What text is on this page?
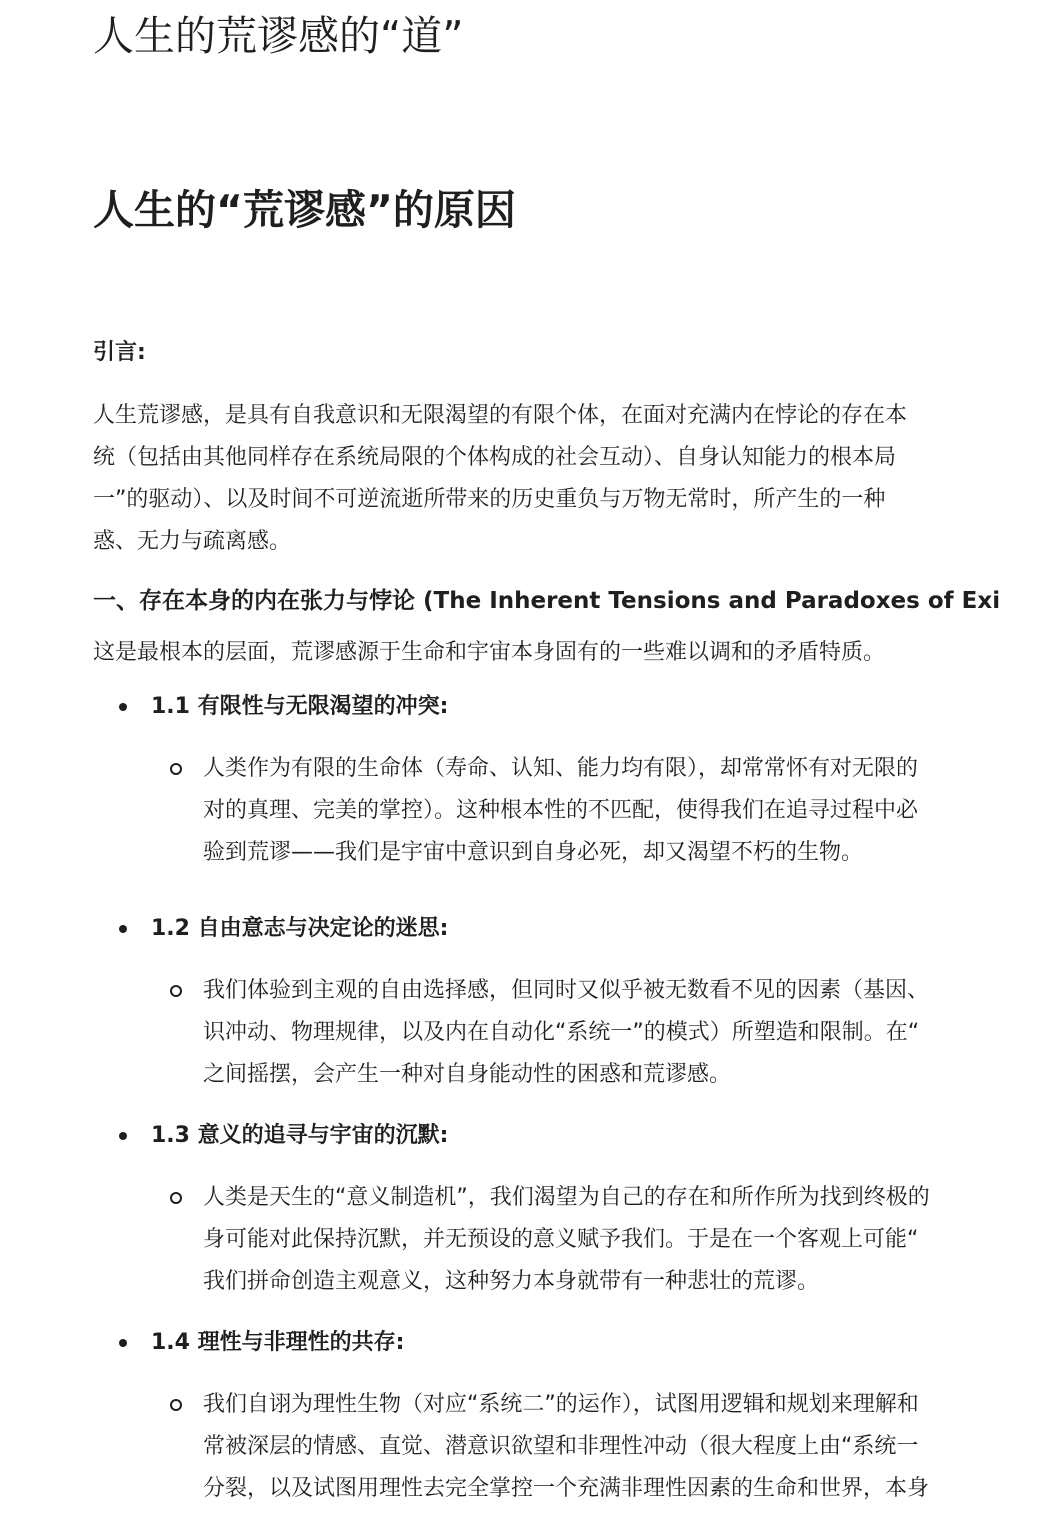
人生的荒谬感的“道”
人生的“荒谬感”的原因

引言:

人生荒谬感，是具有自我意识和无限渴望的有限个体，在面对充满内在悖论的存在本
统（包括由其他同样存在系统局限的个体构成的社会互动）、自身认知能力的根本局
一”的驱动）、以及时间不可逆流逝所带来的历史重负与万物无常时，所产生的一种
惑、无力与疏离感。

一、存在本身的内在张力与悖论 (The Inherent Tensions and Paradoxes of Exi

这是最根本的层面，荒谬感源于生命和宇宙本身固有的一些难以调和的矛盾特质。

1.1 有限性与无限渴望的冲突:
人类作为有限的生命体（寿命、认知、能力均有限），却常常怀有对无限的
对的真理、完美的掌控）。这种根本性的不匹配，使得我们在追寻过程中必
验到荒谬——我们是宇宙中意识到自身必死，却又渴望不朽的生物。
1.2 自由意志与决定论的迷思:
我们体验到主观的自由选择感，但同时又似乎被无数看不见的因素（基因、
识冲动、物理规律，以及内在自动化“系统一”的模式）所塑造和限制。在“
之间摇摆，会产生一种对自身能动性的困惑和荒谬感。
1.3 意义的追寻与宇宙的沉默:
人类是天生的“意义制造机”，我们渴望为自己的存在和所作所为找到终极的
身可能对此保持沉默，并无预设的意义赋予我们。于是在一个客观上可能“
我们拼命创造主观意义，这种努力本身就带有一种悲壮的荒谬。
1.4 理性与非理性的共存:
我们自诩为理性生物（对应“系统二”的运作），试图用逻辑和规划来理解和
常被深层的情感、直觉、潜意识欲望和非理性冲动（很大程度上由“系统一
分裂，以及试图用理性去完全掌控一个充满非理性因素的生命和世界，本身
